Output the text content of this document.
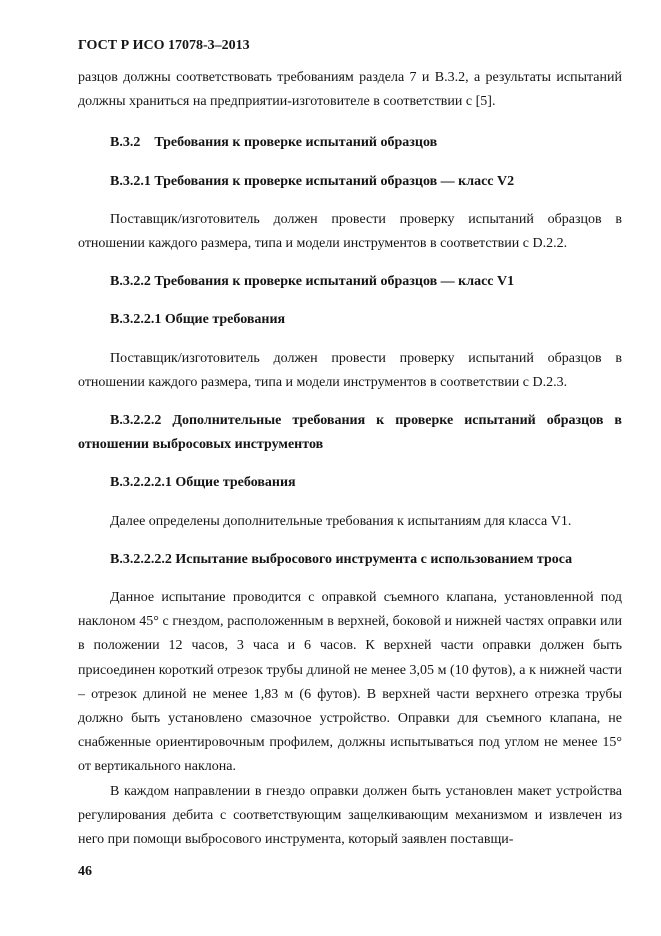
ГОСТ Р ИСО 17078-3–2013

разцов должны соответствовать требованиям раздела 7 и B.3.2, а результаты испытаний должны храниться на предприятии-изготовителе в соответствии с [5].

B.3.2    Требования к проверке испытаний образцов

B.3.2.1 Требования к проверке испытаний образцов — класс V2

Поставщик/изготовитель должен провести проверку испытаний образцов в отношении каждого размера, типа и модели инструментов в соответствии с D.2.2.

B.3.2.2 Требования к проверке испытаний образцов — класс V1

B.3.2.2.1 Общие требования

Поставщик/изготовитель должен провести проверку испытаний образцов в отношении каждого размера, типа и модели инструментов в соответствии с D.2.3.

B.3.2.2.2 Дополнительные требования к проверке испытаний образцов в отношении выбросовых инструментов

B.3.2.2.2.1 Общие требования

Далее определены дополнительные требования к испытаниям для класса V1.

B.3.2.2.2.2 Испытание выбросового инструмента с использованием троса

Данное испытание проводится с оправкой съемного клапана, установленной под наклоном 45° с гнездом, расположенным в верхней, боковой и нижней частях оправки или в положении 12 часов, 3 часа и 6 часов. К верхней части оправки должен быть присоединен короткий отрезок трубы длиной не менее 3,05 м (10 футов), а к нижней части – отрезок длиной не менее 1,83 м (6 футов). В верхней части верхнего отрезка трубы должно быть установлено смазочное устройство. Оправки для съемного клапана, не снабженные ориентировочным профилем, должны испытываться под углом не менее 15° от вертикального наклона.

В каждом направлении в гнездо оправки должен быть установлен макет устройства регулирования дебита с соответствующим защелкивающим механизмом и извлечен из него при помощи выбросового инструмента, который заявлен поставщи-

46
